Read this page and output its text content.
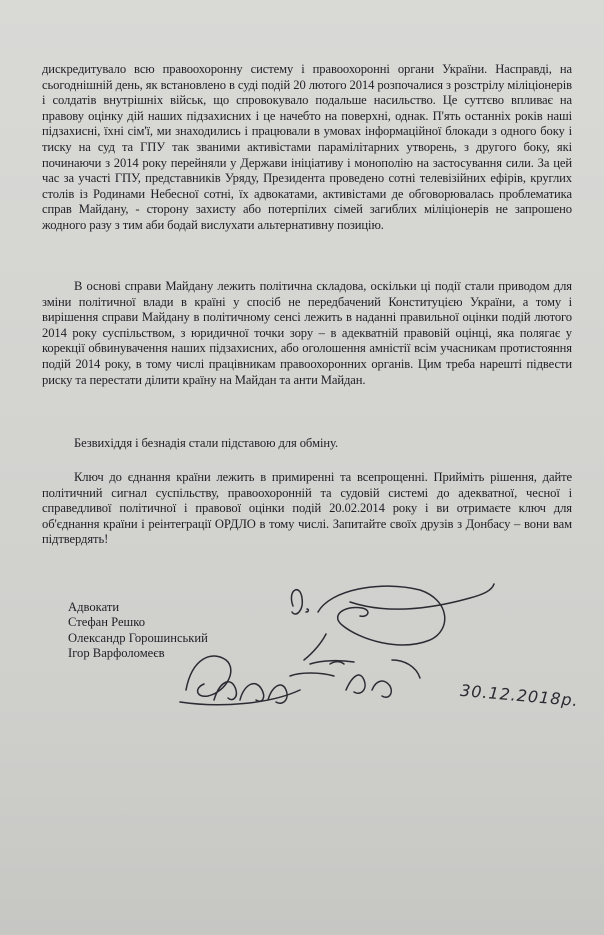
дискредитувало всю правоохоронну систему і правоохоронні органи України. Насправді, на сьогоднішній день, як встановлено в суді подій 20 лютого 2014 розпочалися з розстрілу міліціонерів і солдатів внутрішніх військ, що спровокувало подальше насильство. Це суттєво впливає на правову оцінку дій наших підзахисних і це начебто на поверхні, однак. П'ять останніх років наші підзахисні, їхні сім'ї, ми знаходились і працювали в умовах інформаційної блокади з одного боку і тиску на суд та ГПУ так званими активістами парамілітарних утворень, з другого боку, які починаючи з 2014 року перейняли у Держави ініціативу і монополію на застосування сили. За цей час за участі ГПУ, представників Уряду, Президента проведено сотні телевізійних ефірів, круглих столів із Родинами Небесної сотні, їх адвокатами, активістами де обговорювалась проблематика справ Майдану, - сторону захисту або потерпілих сімей загиблих міліціонерів не запрошено жодного разу з тим аби бодай вислухати альтернативну позицію.

В основі справи Майдану лежить політична складова, оскільки ці події стали приводом для зміни політичної влади в країні у спосіб не передбачений Конституцією України, а тому і вирішення справи Майдану в політичному сенсі лежить в наданні правильної оцінки подій лютого 2014 року суспільством, з юридичної точки зору – в адекватній правовій оцінці, яка полягає у корекції обвинувачення наших підзахисних, або оголошення амністії всім учасникам протистояння подій 2014 року, в тому числі працівникам правоохоронних органів. Цим треба нарешті підвести риску та перестати ділити країну на Майдан та анти Майдан.

Безвихіддя і безнадія стали підставою для обміну.

Ключ до єднання країни лежить в примиренні та всепрощенні. Прийміть рішення, дайте політичний сигнал суспільству, правоохоронній та судовій системі до адекватної, чесної і справедливої політичної і правової оцінки подій 20.02.2014 року і ви отримаєте ключ для об'єднання країни і реінтеграції ОРДЛО в тому числі. Запитайте своїх друзів з Донбасу – вони вам підтвердять!

Адвокати
Стефан Решко
Олександр Горошинський
Ігор Варфоломеєв
30.12.2018р.
